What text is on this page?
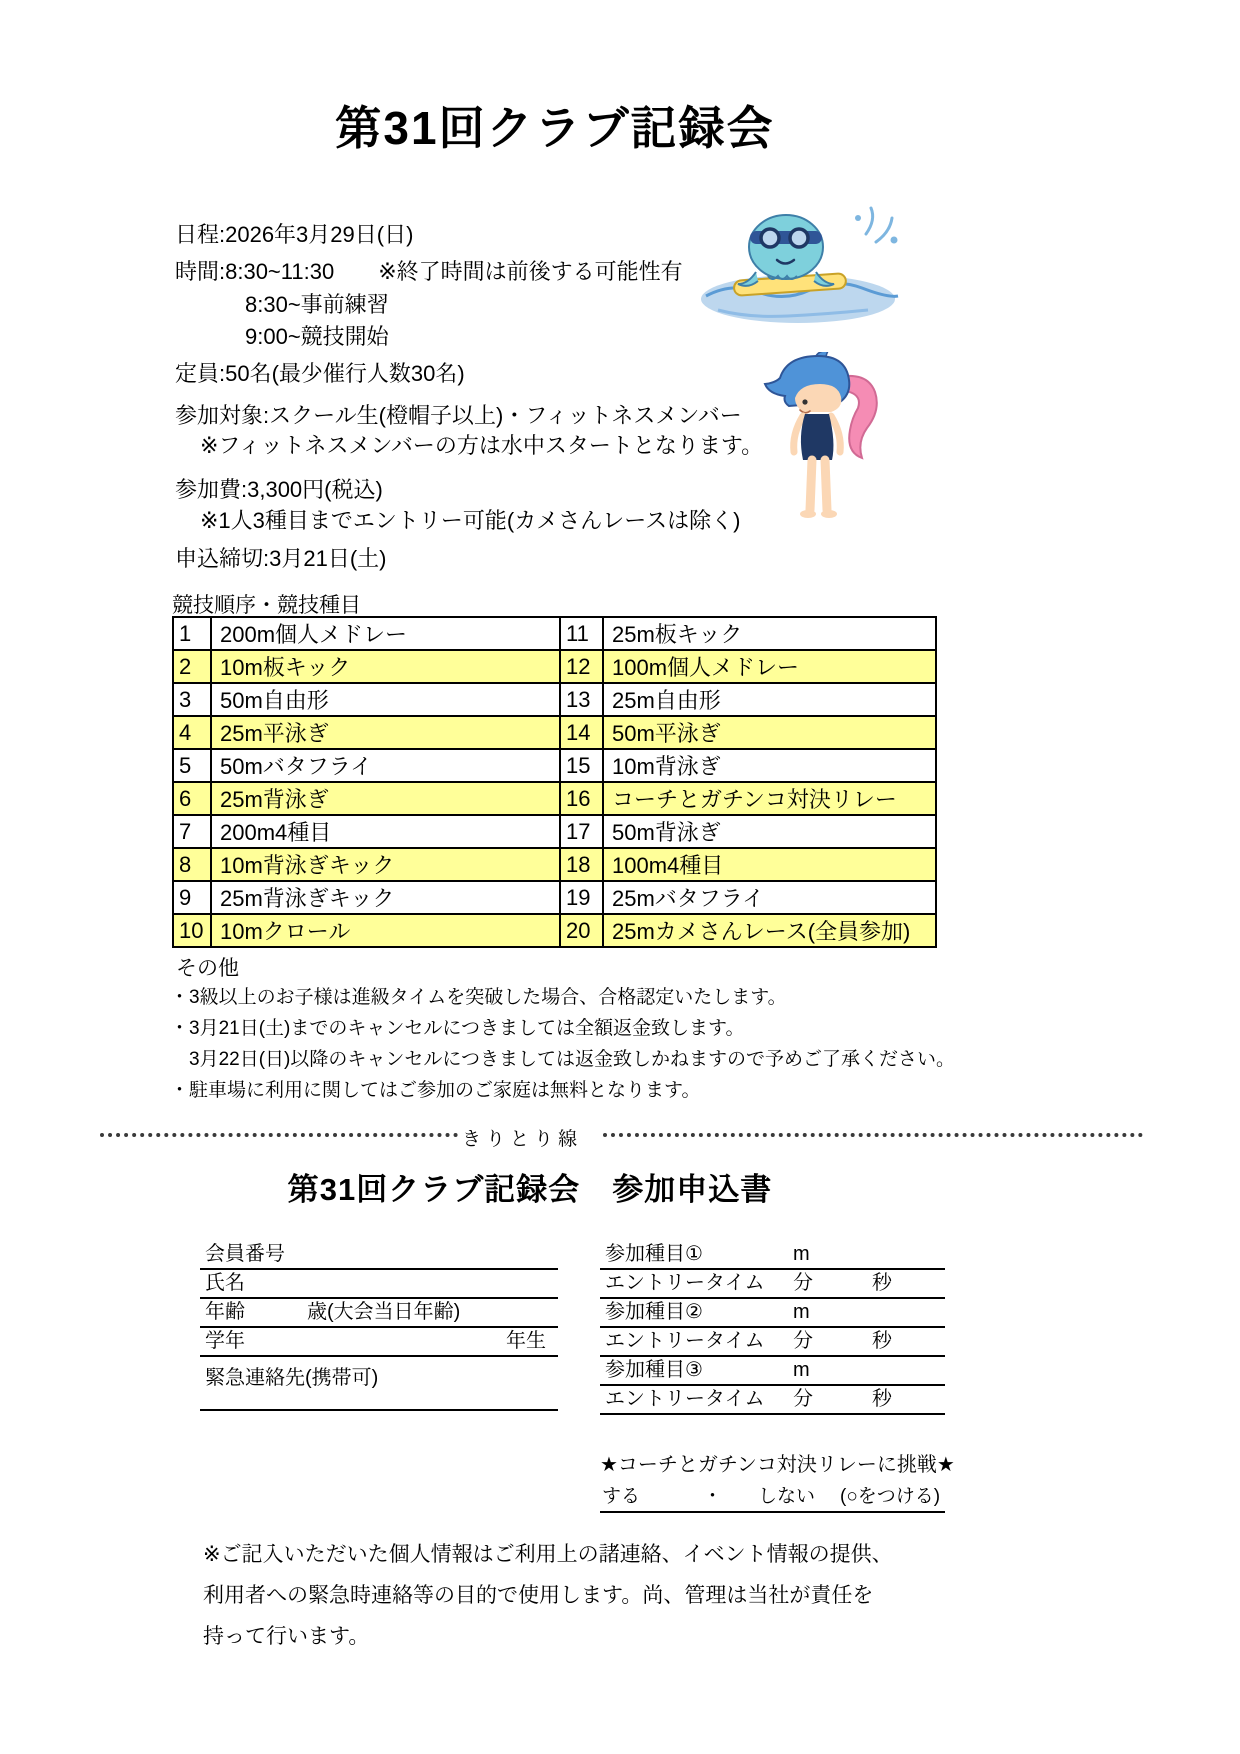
第31回クラブ記録会

日程:2026年3月29日(日)

時間:8:30~11:30　　※終了時間は前後する可能性有

8:30~事前練習

9:00~競技開始

定員:50名(最少催行人数30名)

参加対象:スクール生(橙帽子以上)・フィットネスメンバー

※フィットネスメンバーの方は水中スタートとなります。

参加費:3,300円(税込)

※1人3種目までエントリー可能(カメさんレースは除く)

申込締切:3月21日(土)

競技順序・競技種目

1	200m個人メドレー	11	25m板キック
2	10m板キック	12	100m個人メドレー
3	50m自由形	13	25m自由形
4	25m平泳ぎ	14	50m平泳ぎ
5	50mバタフライ	15	10m背泳ぎ
6	25m背泳ぎ	16	コーチとガチンコ対決リレー
7	200m4種目	17	50m背泳ぎ
8	10m背泳ぎキック	18	100m4種目
9	25m背泳ぎキック	19	25mバタフライ
10	10mクロール	20	25mカメさんレース(全員参加)

その他

・3級以上のお子様は進級タイムを突破した場合、合格認定いたします。

・3月21日(土)までのキャンセルにつきましては全額返金致します。

　3月22日(日)以降のキャンセルにつきましては返金致しかねますので予めご了承ください。

・駐車場に利用に関してはご参加のご家庭は無料となります。

きりとり線
第31回クラブ記録会　参加申込書
会員番号
氏名
年齢	歳(大会当日年齢)
学年	年生
緊急連絡先(携帯可)
参加種目①	m
エントリータイム 分	秒
参加種目②	m
エントリータイム 分	秒
参加種目③	m
エントリータイム 分	秒

★コーチとガチンコ対決リレーに挑戦★

する	・ しない (○をつける)

※ご記入いただいた個人情報はご利用上の諸連絡、イベント情報の提供、

利用者への緊急時連絡等の目的で使用します。尚、管理は当社が責任を

持って行います。
